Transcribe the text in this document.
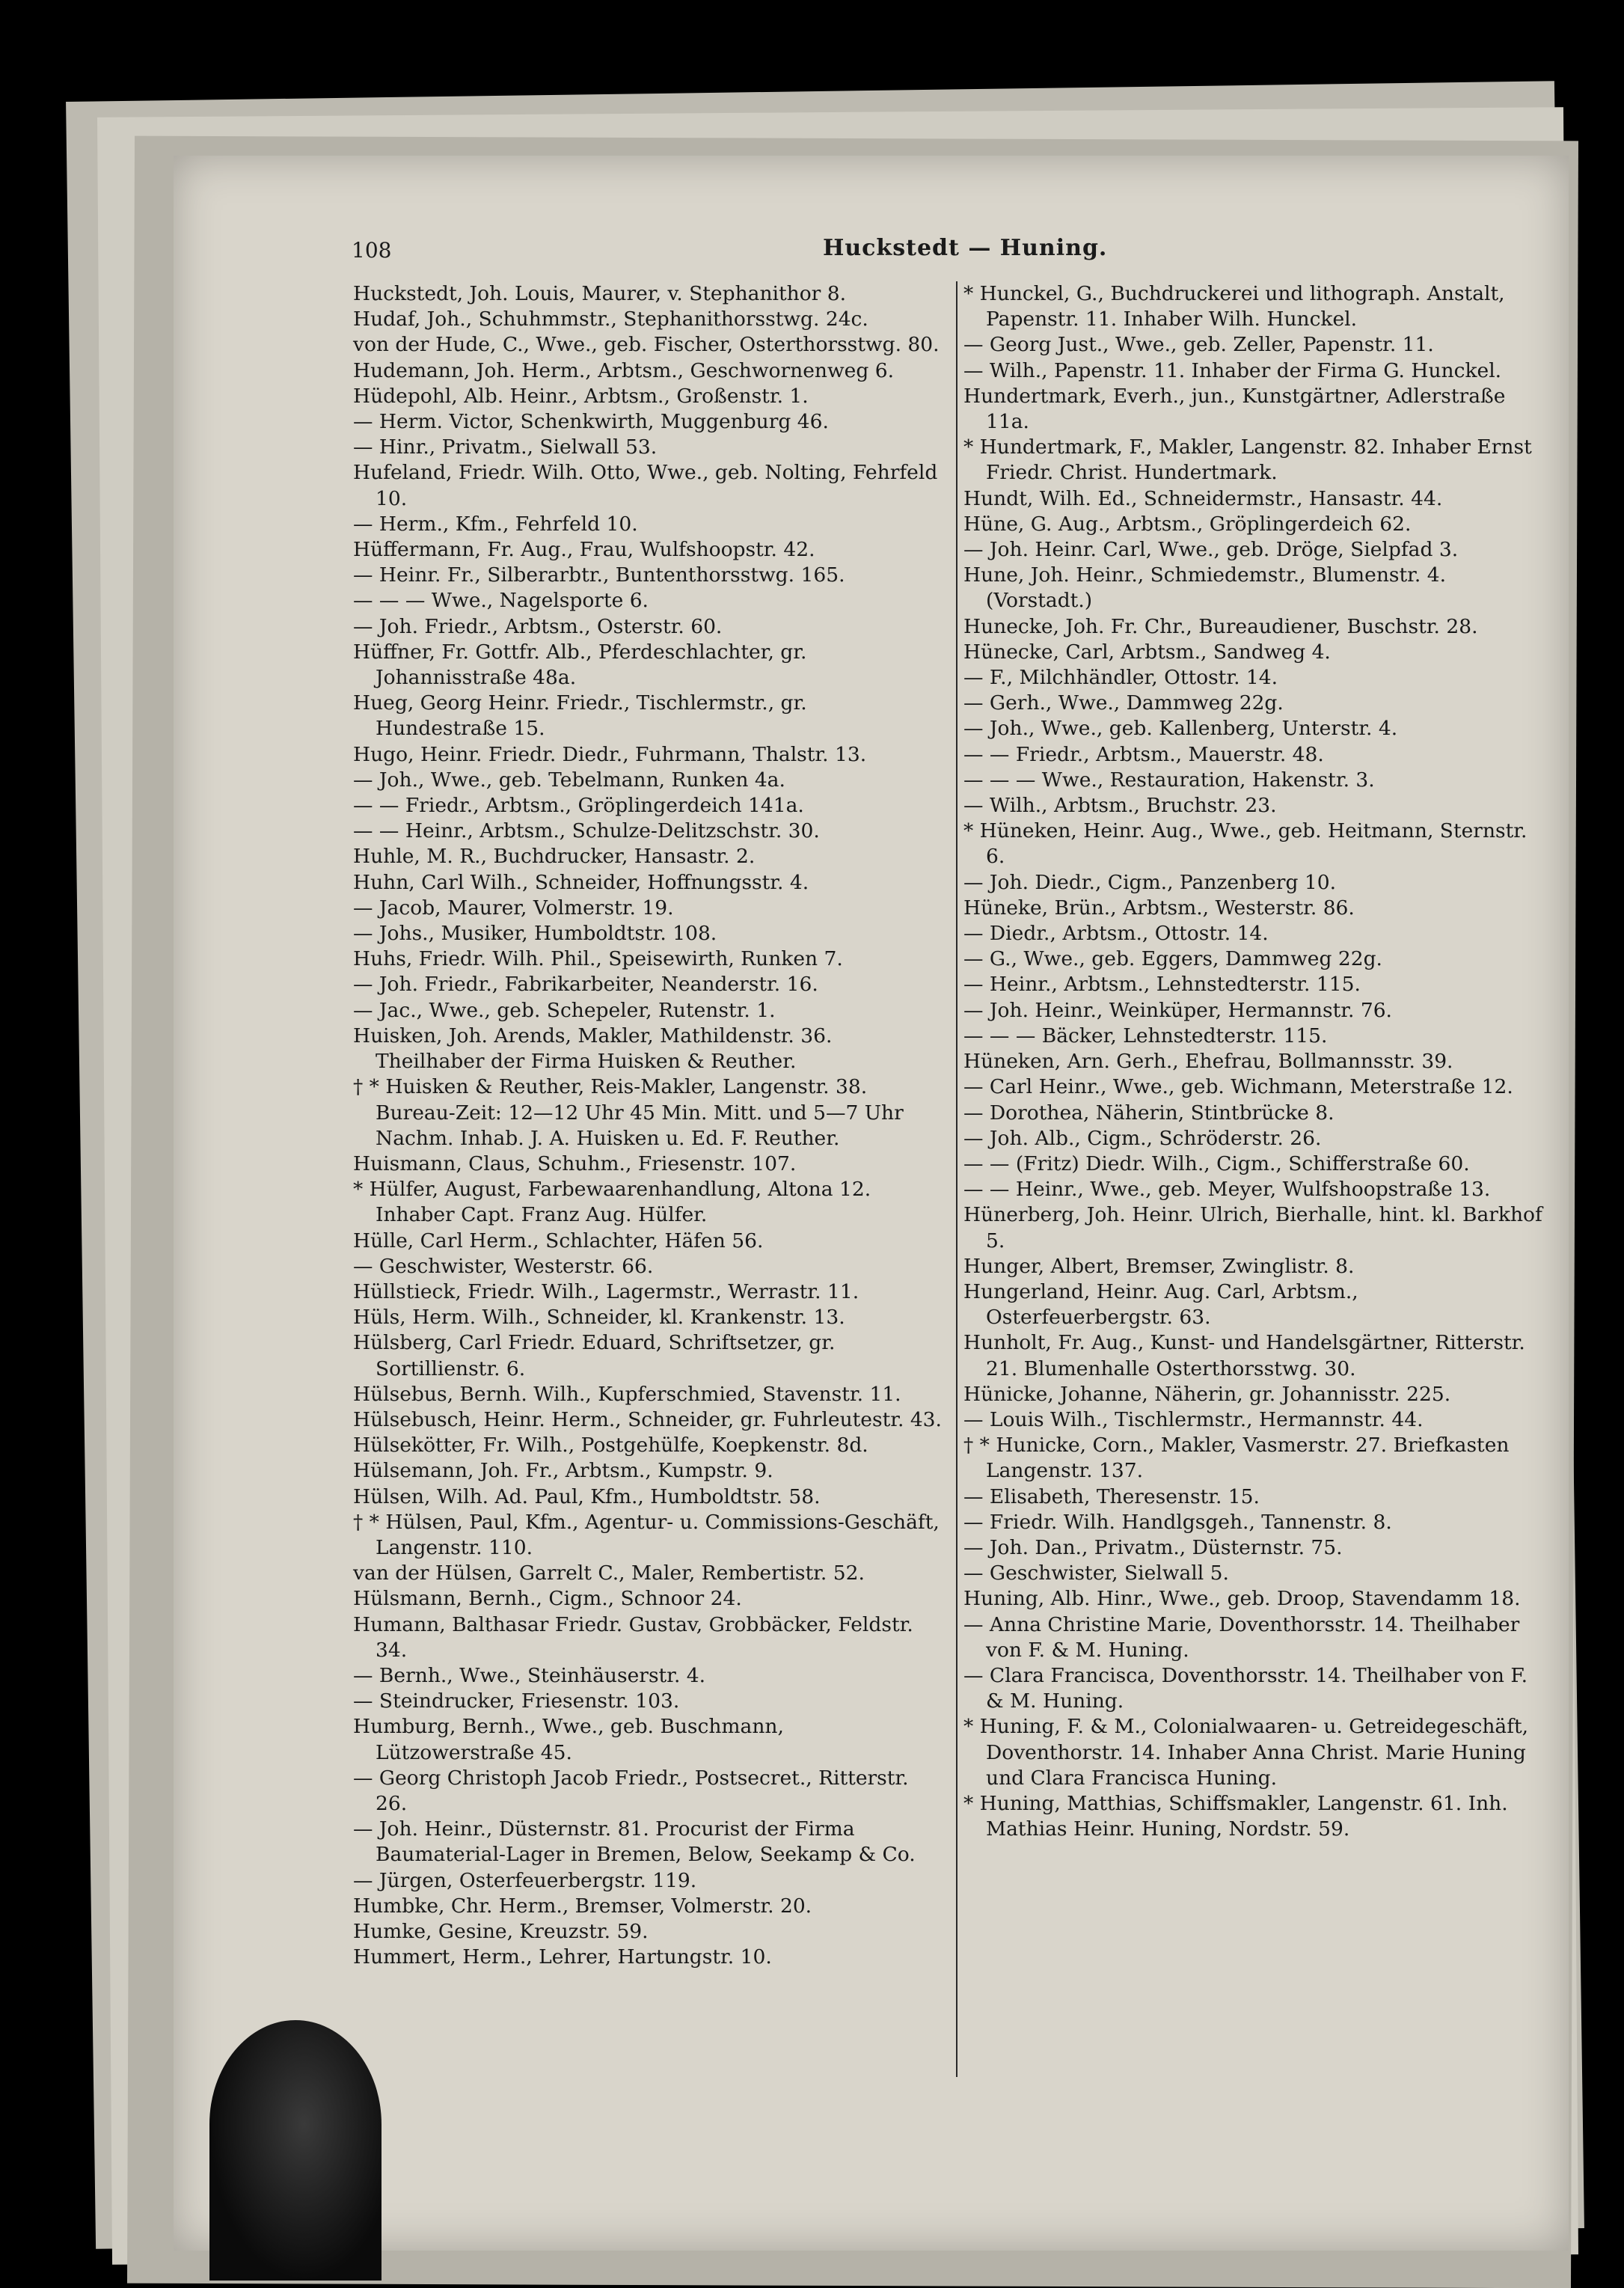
108	Huckstedt — Huning.

Huckstedt, Joh. Louis, Maurer, v. Stephanithor 8.

Hudaf, Joh., Schuhmmstr., Stephanithorsstwg. 24c.

von der Hude, C., Wwe., geb. Fischer, Osterthorsstwg. 80.

Hudemann, Joh. Herm., Arbtsm., Geschwornenweg 6.

Hüdepohl, Alb. Heinr., Arbtsm., Großenstr. 1.

— Herm. Victor, Schenkwirth, Muggenburg 46.

— Hinr., Privatm., Sielwall 53.

Hufeland, Friedr. Wilh. Otto, Wwe., geb. Nolting, Fehrfeld 10.

— Herm., Kfm., Fehrfeld 10.

Hüffermann, Fr. Aug., Frau, Wulfshoopstr. 42.

— Heinr. Fr., Silberarbtr., Buntenthorsstwg. 165.

— — — Wwe., Nagelsporte 6.

— Joh. Friedr., Arbtsm., Osterstr. 60.

Hüffner, Fr. Gottfr. Alb., Pferdeschlachter, gr. Johannisstraße 48a.

Hueg, Georg Heinr. Friedr., Tischlermstr., gr. Hundestraße 15.

Hugo, Heinr. Friedr. Diedr., Fuhrmann, Thalstr. 13.

— Joh., Wwe., geb. Tebelmann, Runken 4a.

— — Friedr., Arbtsm., Gröplingerdeich 141a.

— — Heinr., Arbtsm., Schulze-Delitzschstr. 30.

Huhle, M. R., Buchdrucker, Hansastr. 2.

Huhn, Carl Wilh., Schneider, Hoffnungsstr. 4.

— Jacob, Maurer, Volmerstr. 19.

— Johs., Musiker, Humboldtstr. 108.

Huhs, Friedr. Wilh. Phil., Speisewirth, Runken 7.

— Joh. Friedr., Fabrikarbeiter, Neanderstr. 16.

— Jac., Wwe., geb. Schepeler, Rutenstr. 1.

Huisken, Joh. Arends, Makler, Mathildenstr. 36. Theilhaber der Firma Huisken & Reuther.

† * Huisken & Reuther, Reis-Makler, Langenstr. 38. Bureau-Zeit: 12—12 Uhr 45 Min. Mitt. und 5—7 Uhr Nachm. Inhab. J. A. Huisken u. Ed. F. Reuther.

Huismann, Claus, Schuhm., Friesenstr. 107.

* Hülfer, August, Farbewaarenhandlung, Altona 12. Inhaber Capt. Franz Aug. Hülfer.

Hülle, Carl Herm., Schlachter, Häfen 56.

— Geschwister, Westerstr. 66.

Hüllstieck, Friedr. Wilh., Lagermstr., Werrastr. 11.

Hüls, Herm. Wilh., Schneider, kl. Krankenstr. 13.

Hülsberg, Carl Friedr. Eduard, Schriftsetzer, gr. Sortillienstr. 6.

Hülsebus, Bernh. Wilh., Kupferschmied, Stavenstr. 11.

Hülsebusch, Heinr. Herm., Schneider, gr. Fuhrleutestr. 43.

Hülsekötter, Fr. Wilh., Postgehülfe, Koepkenstr. 8d.

Hülsemann, Joh. Fr., Arbtsm., Kumpstr. 9.

Hülsen, Wilh. Ad. Paul, Kfm., Humboldtstr. 58.

† * Hülsen, Paul, Kfm., Agentur- u. Commissions-Geschäft, Langenstr. 110.

van der Hülsen, Garrelt C., Maler, Rembertistr. 52.

Hülsmann, Bernh., Cigm., Schnoor 24.

Humann, Balthasar Friedr. Gustav, Grobbäcker, Feldstr. 34.

— Bernh., Wwe., Steinhäuserstr. 4.

— Steindrucker, Friesenstr. 103.

Humburg, Bernh., Wwe., geb. Buschmann, Lützowerstraße 45.

— Georg Christoph Jacob Friedr., Postsecret., Ritterstr. 26.

— Joh. Heinr., Düsternstr. 81. Procurist der Firma Baumaterial-Lager in Bremen, Below, Seekamp & Co.

— Jürgen, Osterfeuerbergstr. 119.

Humbke, Chr. Herm., Bremser, Volmerstr. 20.

Humke, Gesine, Kreuzstr. 59.

Hummert, Herm., Lehrer, Hartungstr. 10.

* Hunckel, G., Buchdruckerei und lithograph. Anstalt, Papenstr. 11. Inhaber Wilh. Hunckel.

— Georg Just., Wwe., geb. Zeller, Papenstr. 11.

— Wilh., Papenstr. 11. Inhaber der Firma G. Hunckel.

Hundertmark, Everh., jun., Kunstgärtner, Adlerstraße 11a.

* Hundertmark, F., Makler, Langenstr. 82. Inhaber Ernst Friedr. Christ. Hundertmark.

Hundt, Wilh. Ed., Schneidermstr., Hansastr. 44.

Hüne, G. Aug., Arbtsm., Gröplingerdeich 62.

— Joh. Heinr. Carl, Wwe., geb. Dröge, Sielpfad 3.

Hune, Joh. Heinr., Schmiedemstr., Blumenstr. 4. (Vorstadt.)

Hunecke, Joh. Fr. Chr., Bureaudiener, Buschstr. 28.

Hünecke, Carl, Arbtsm., Sandweg 4.

— F., Milchhändler, Ottostr. 14.

— Gerh., Wwe., Dammweg 22g.

— Joh., Wwe., geb. Kallenberg, Unterstr. 4.

— — Friedr., Arbtsm., Mauerstr. 48.

— — — Wwe., Restauration, Hakenstr. 3.

— Wilh., Arbtsm., Bruchstr. 23.

* Hüneken, Heinr. Aug., Wwe., geb. Heitmann, Sternstr. 6.

— Joh. Diedr., Cigm., Panzenberg 10.

Hüneke, Brün., Arbtsm., Westerstr. 86.

— Diedr., Arbtsm., Ottostr. 14.

— G., Wwe., geb. Eggers, Dammweg 22g.

— Heinr., Arbtsm., Lehnstedterstr. 115.

— Joh. Heinr., Weinküper, Hermannstr. 76.

— — — Bäcker, Lehnstedterstr. 115.

Hüneken, Arn. Gerh., Ehefrau, Bollmannsstr. 39.

— Carl Heinr., Wwe., geb. Wichmann, Meterstraße 12.

— Dorothea, Näherin, Stintbrücke 8.

— Joh. Alb., Cigm., Schröderstr. 26.

— — (Fritz) Diedr. Wilh., Cigm., Schifferstraße 60.

— — Heinr., Wwe., geb. Meyer, Wulfshoopstraße 13.

Hünerberg, Joh. Heinr. Ulrich, Bierhalle, hint. kl. Barkhof 5.

Hunger, Albert, Bremser, Zwinglistr. 8.

Hungerland, Heinr. Aug. Carl, Arbtsm., Osterfeuerbergstr. 63.

Hunholt, Fr. Aug., Kunst- und Handelsgärtner, Ritterstr. 21. Blumenhalle Osterthorsstwg. 30.

Hünicke, Johanne, Näherin, gr. Johannisstr. 225.

— Louis Wilh., Tischlermstr., Hermannstr. 44.

† * Hunicke, Corn., Makler, Vasmerstr. 27. Briefkasten Langenstr. 137.

— Elisabeth, Theresenstr. 15.

— Friedr. Wilh. Handlgsgeh., Tannenstr. 8.

— Joh. Dan., Privatm., Düsternstr. 75.

— Geschwister, Sielwall 5.

Huning, Alb. Hinr., Wwe., geb. Droop, Stavendamm 18.

— Anna Christine Marie, Doventhorsstr. 14. Theilhaber von F. & M. Huning.

— Clara Francisca, Doventhorsstr. 14. Theilhaber von F. & M. Huning.

* Huning, F. & M., Colonialwaaren- u. Getreidegeschäft, Doventhorstr. 14. Inhaber Anna Christ. Marie Huning und Clara Francisca Huning.

* Huning, Matthias, Schiffsmakler, Langenstr. 61. Inh. Mathias Heinr. Huning, Nordstr. 59.
